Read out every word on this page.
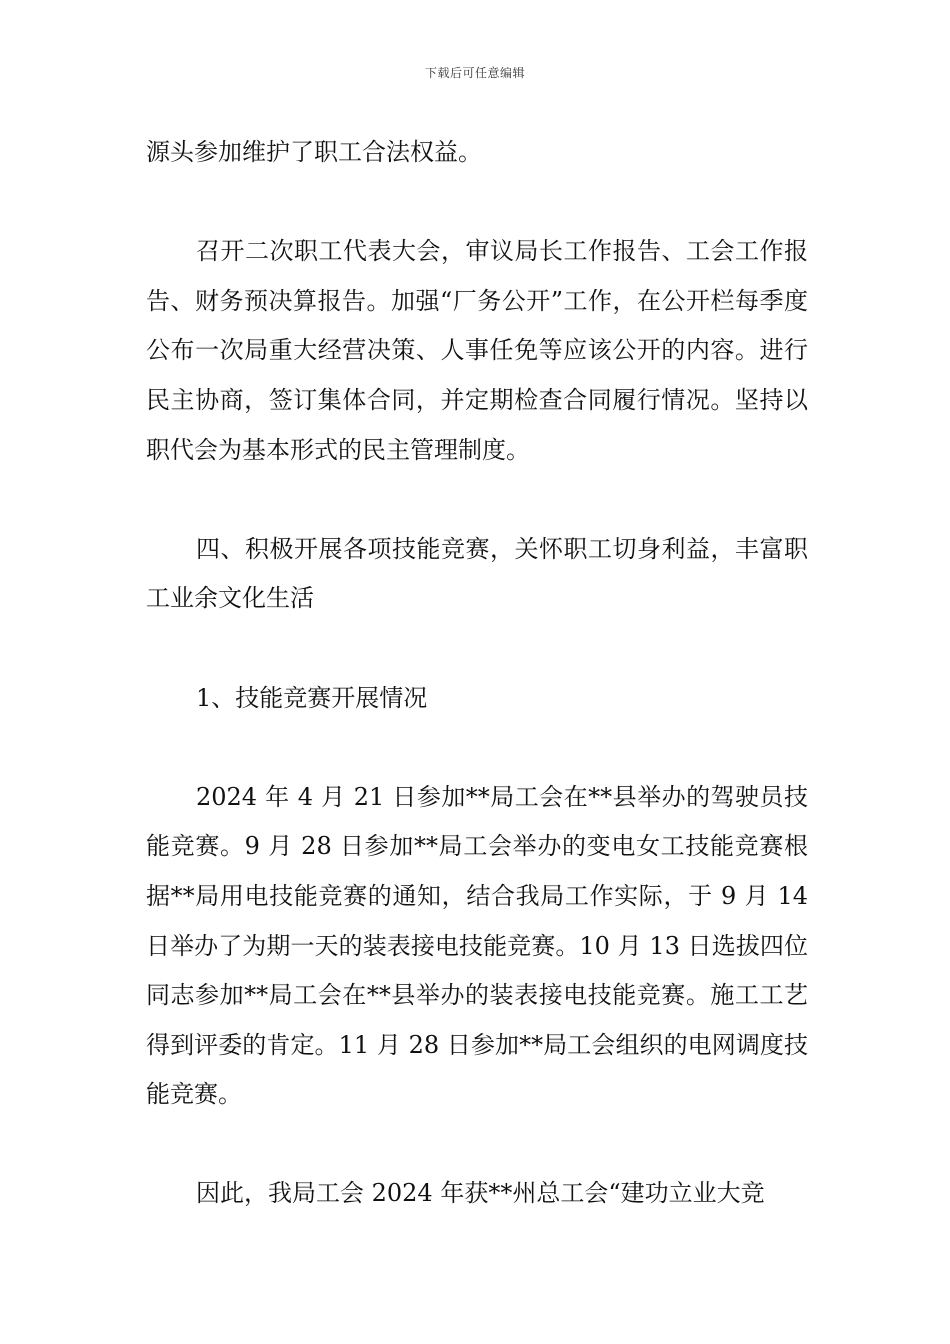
下载后可任意编辑

源头参加维护了职工合法权益。

召开二次职工代表大会，审议局长工作报告、工会工作报告、财务预决算报告。加强“厂务公开”工作，在公开栏每季度公布一次局重大经营决策、人事任免等应该公开的内容。进行民主协商，签订集体合同，并定期检查合同履行情况。坚持以职代会为基本形式的民主管理制度。

四、积极开展各项技能竞赛，关怀职工切身利益，丰富职工业余文化生活

1、技能竞赛开展情况

2024 年 4 月 21 日参加**局工会在**县举办的驾驶员技能竞赛。9 月 28 日参加**局工会举办的变电女工技能竞赛根据**局用电技能竞赛的通知，结合我局工作实际，于 9 月 14 日举办了为期一天的装表接电技能竞赛。10 月 13 日选拔四位同志参加**局工会在**县举办的装表接电技能竞赛。施工工艺得到评委的肯定。11 月 28 日参加**局工会组织的电网调度技能竞赛。

因此，我局工会 2024 年获**州总工会“建功立业大竞
